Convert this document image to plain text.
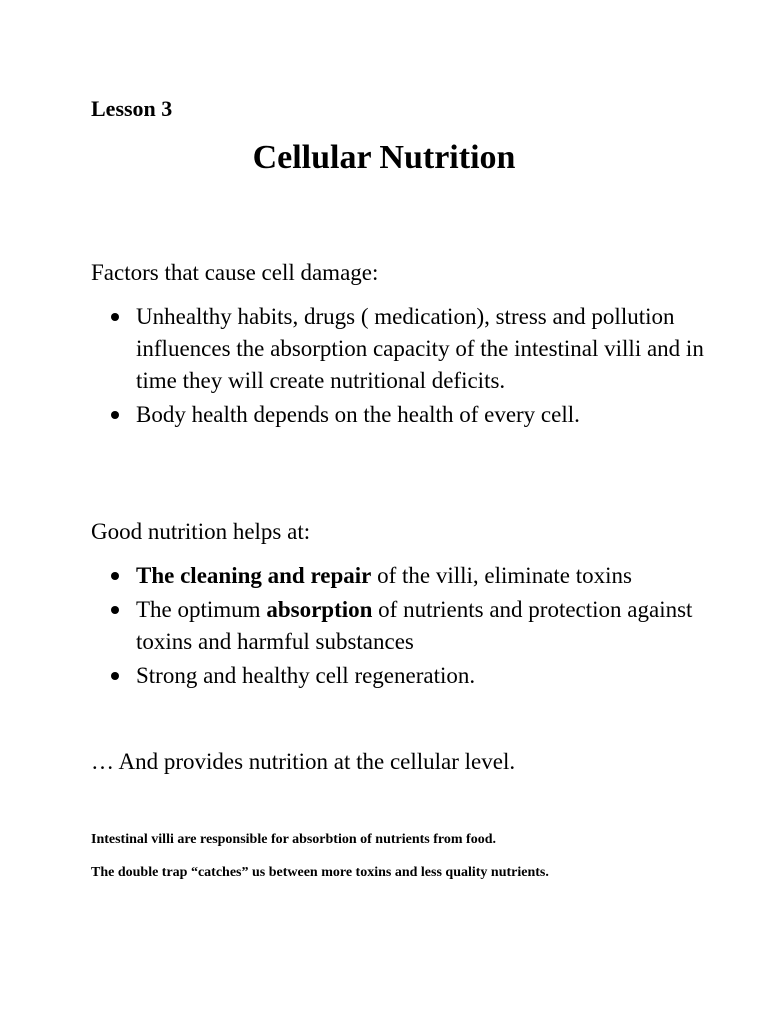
Lesson 3

Cellular Nutrition

Factors that cause cell damage:

Unhealthy habits, drugs ( medication), stress and pollution influences the absorption capacity of the intestinal villi and in time they will create nutritional deficits.
Body health depends on the health of every cell.

Good nutrition helps at:

The cleaning and repair of the villi, eliminate toxins
The optimum absorption of nutrients and protection against toxins and harmful substances
Strong and healthy cell regeneration.

… And provides nutrition at the cellular level.

Intestinal villi are responsible for absorbtion of nutrients from food.

The double trap “catches” us between more toxins and less quality nutrients.
